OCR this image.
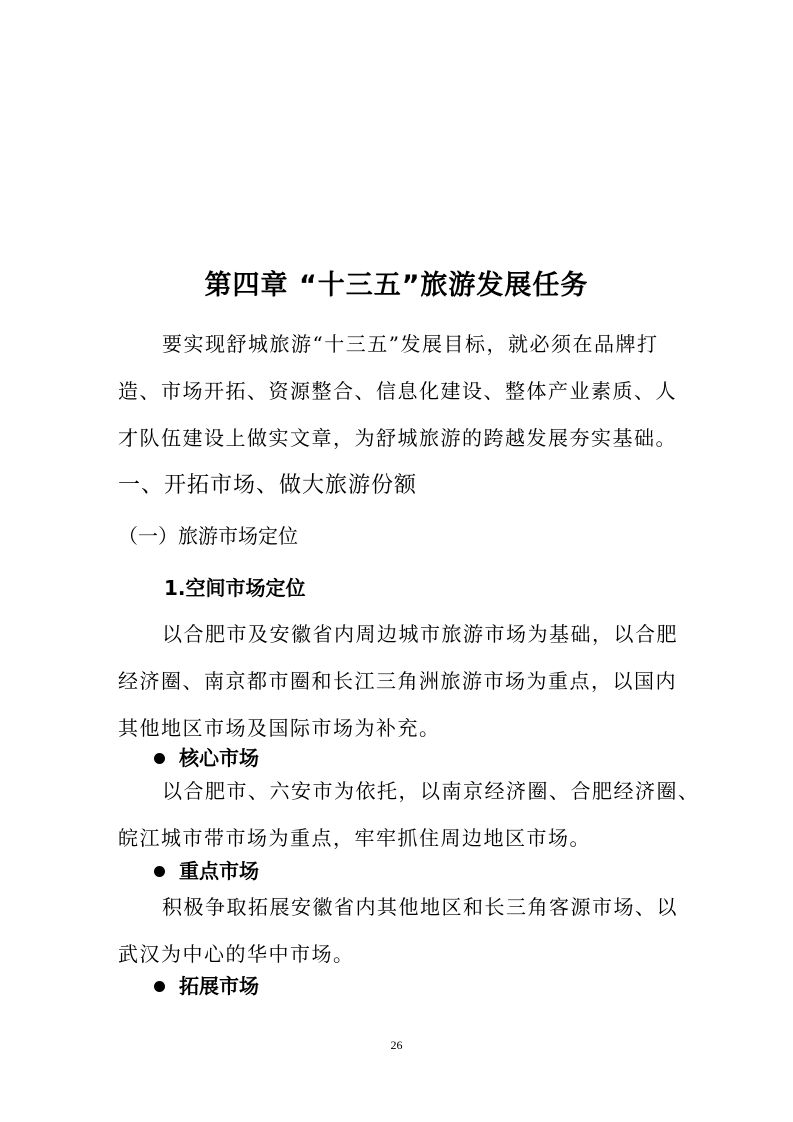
第四章 “十三五”旅游发展任务
要实现舒城旅游“十三五”发展目标，就必须在品牌打
造、市场开拓、资源整合、信息化建设、整体产业素质、人
才队伍建设上做实文章，为舒城旅游的跨越发展夯实基础。
一、开拓市场、做大旅游份额
（一）旅游市场定位
1.空间市场定位
以合肥市及安徽省内周边城市旅游市场为基础，以合肥
经济圈、南京都市圈和长江三角洲旅游市场为重点，以国内
其他地区市场及国际市场为补充。
核心市场
以合肥市、六安市为依托，以南京经济圈、合肥经济圈、
皖江城市带市场为重点，牢牢抓住周边地区市场。
重点市场
积极争取拓展安徽省内其他地区和长三角客源市场、以
武汉为中心的华中市场。
拓展市场
26
